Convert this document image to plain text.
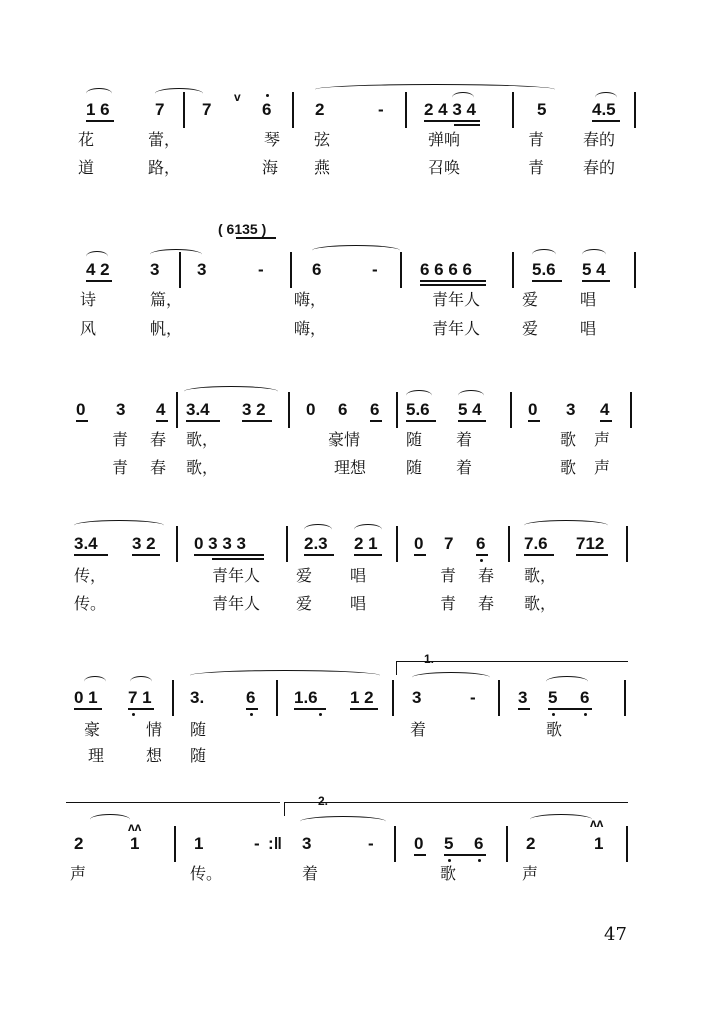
v
1 6	7 7	6	2	- 2 4 3 4	5	4.5
花	蕾，	琴 弦	弹响	青 春的
道	路，	海 燕	召唤	青 春的
( 6135 )
4 2 3 3	-	6	- 6 6 6 6	5.6 5 4
诗	篇，	嗨，	青年人	爱	唱
风	帆，	嗨，	青年人	爱	唱
0 3 4 3.4 3 2 0 6 6 5.6 5 4	0 3 4
青 春 歌，	豪情	随 着	歌 声
青 春 歌，	理想 随 着	歌 声
3.4 3 2 0 3 3 3	2.3 2 1 0 7 6 7.6 712
传，	青年人 爱 唱	青 春 歌，
传。	青年人 爱 唱	青 春 歌，
1.
0 1 7 1 3. 6 1.6 1 2 3	- 3 5 6
豪	情 随	着	歌
理	想 随
2.
ʌʌ	ʌʌ
2	1	1	- :‖ 3	- 0 5 6	2	1
声	传。	着	歌	声
47
